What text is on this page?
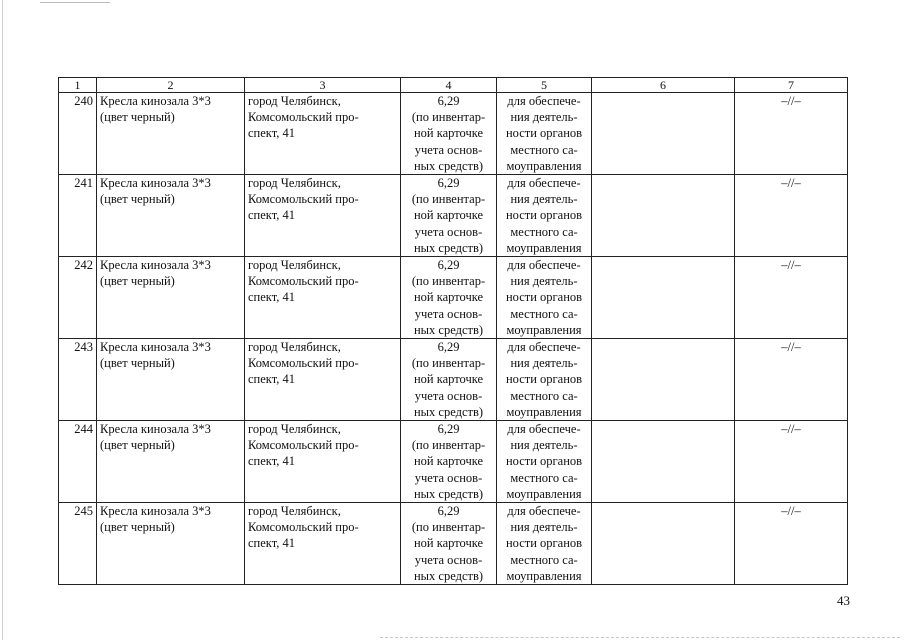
1	2	3	4	5	6	7
240	Кресла кинозала 3*3
(цвет черный)	город Челябинск,
Комсомольский про-
спект, 41	6,29
(по инвентар-
ной карточке
учета основ-
ных средств)	для обеспече-
ния деятель-
ности органов
местного са-
моуправления		–//–
241	Кресла кинозала 3*3
(цвет черный)	город Челябинск,
Комсомольский про-
спект, 41	6,29
(по инвентар-
ной карточке
учета основ-
ных средств)	для обеспече-
ния деятель-
ности органов
местного са-
моуправления		–//–
242	Кресла кинозала 3*3
(цвет черный)	город Челябинск,
Комсомольский про-
спект, 41	6,29
(по инвентар-
ной карточке
учета основ-
ных средств)	для обеспече-
ния деятель-
ности органов
местного са-
моуправления		–//–
243	Кресла кинозала 3*3
(цвет черный)	город Челябинск,
Комсомольский про-
спект, 41	6,29
(по инвентар-
ной карточке
учета основ-
ных средств)	для обеспече-
ния деятель-
ности органов
местного са-
моуправления		–//–
244	Кресла кинозала 3*3
(цвет черный)	город Челябинск,
Комсомольский про-
спект, 41	6,29
(по инвентар-
ной карточке
учета основ-
ных средств)	для обеспече-
ния деятель-
ности органов
местного са-
моуправления		–//–
245	Кресла кинозала 3*3
(цвет черный)	город Челябинск,
Комсомольский про-
спект, 41	6,29
(по инвентар-
ной карточке
учета основ-
ных средств)	для обеспече-
ния деятель-
ности органов
местного са-
моуправления		–//–
43
